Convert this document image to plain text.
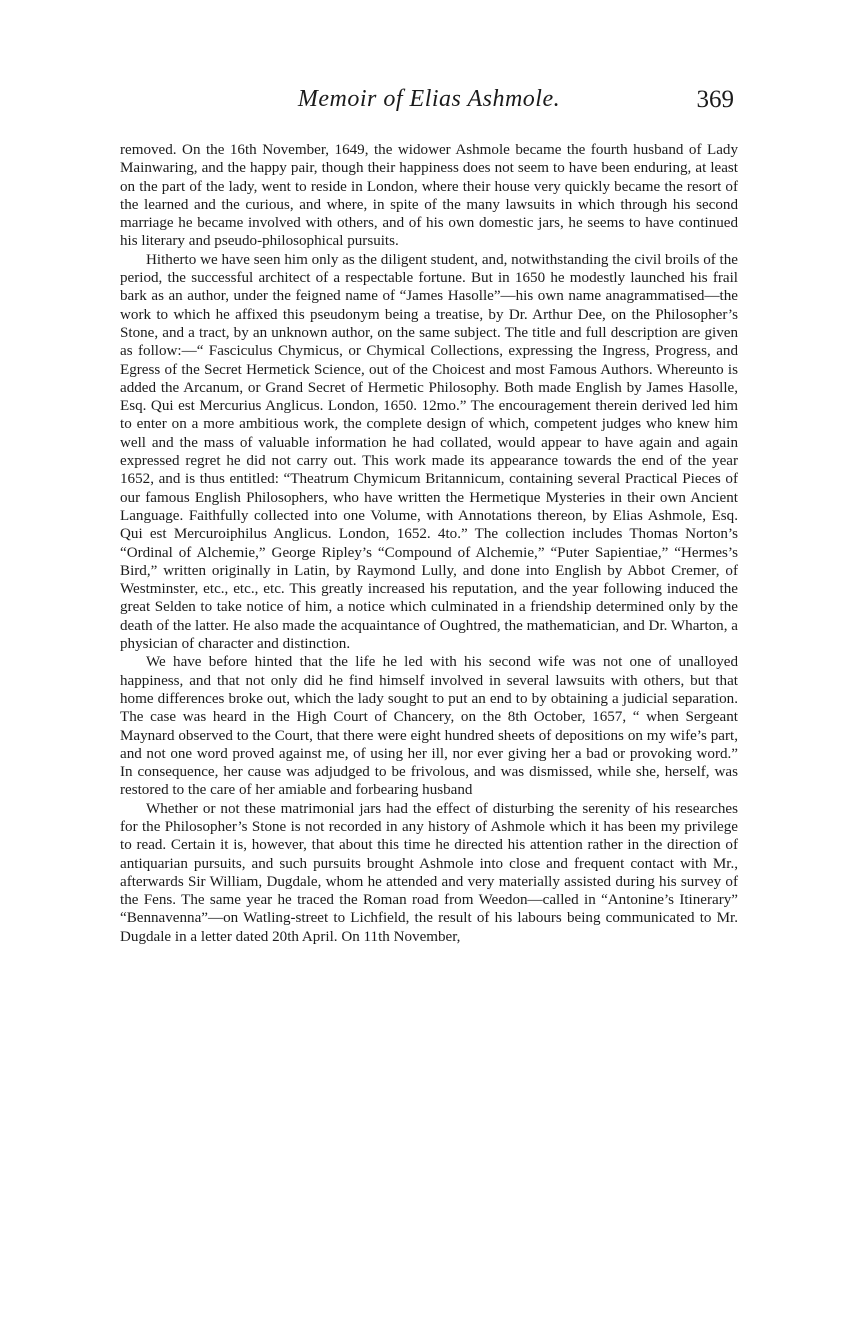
Memoir of Elias Ashmole.	369

removed. On the 16th November, 1649, the widower Ashmole became the fourth husband of Lady Mainwaring, and the happy pair, though their happiness does not seem to have been enduring, at least on the part of the lady, went to reside in London, where their house very quickly became the resort of the learned and the curious, and where, in spite of the many lawsuits in which through his second marriage he became involved with others, and of his own domestic jars, he seems to have continued his literary and pseudo-philosophical pursuits.

Hitherto we have seen him only as the diligent student, and, notwithstanding the civil broils of the period, the successful architect of a respectable fortune. But in 1650 he modestly launched his frail bark as an author, under the feigned name of “James Hasolle”—his own name anagrammatised—the work to which he affixed this pseudonym being a treatise, by Dr. Arthur Dee, on the Philosopher’s Stone, and a tract, by an unknown author, on the same subject. The title and full description are given as follow:—“ Fasciculus Chymicus, or Chymical Collections, expressing the Ingress, Progress, and Egress of the Secret Hermetick Science, out of the Choicest and most Famous Authors. Whereunto is added the Arcanum, or Grand Secret of Hermetic Philosophy. Both made English by James Hasolle, Esq. Qui est Mercurius Anglicus. London, 1650. 12mo.” The encouragement therein derived led him to enter on a more ambitious work, the complete design of which, competent judges who knew him well and the mass of valuable information he had collated, would appear to have again and again expressed regret he did not carry out. This work made its appearance towards the end of the year 1652, and is thus entitled: “Theatrum Chymicum Britannicum, containing several Practical Pieces of our famous English Philosophers, who have written the Hermetique Mysteries in their own Ancient Language. Faithfully collected into one Volume, with Annotations thereon, by Elias Ashmole, Esq. Qui est Mercuroiphilus Anglicus. London, 1652. 4to.” The collection includes Thomas Norton’s “Ordinal of Alchemie,” George Ripley’s “Compound of Alchemie,” “Puter Sapientiae,” “Hermes’s Bird,” written originally in Latin, by Raymond Lully, and done into English by Abbot Cremer, of Westminster, etc., etc., etc. This greatly increased his reputation, and the year following induced the great Selden to take notice of him, a notice which culminated in a friendship determined only by the death of the latter. He also made the acquaintance of Oughtred, the mathematician, and Dr. Wharton, a physician of character and distinction.

We have before hinted that the life he led with his second wife was not one of unalloyed happiness, and that not only did he find himself involved in several lawsuits with others, but that home differences broke out, which the lady sought to put an end to by obtaining a judicial separation. The case was heard in the High Court of Chancery, on the 8th October, 1657, “ when Sergeant Maynard observed to the Court, that there were eight hundred sheets of depositions on my wife’s part, and not one word proved against me, of using her ill, nor ever giving her a bad or provoking word.” In consequence, her cause was adjudged to be frivolous, and was dismissed, while she, herself, was restored to the care of her amiable and forbearing husband

Whether or not these matrimonial jars had the effect of disturbing the serenity of his researches for the Philosopher’s Stone is not recorded in any history of Ashmole which it has been my privilege to read. Certain it is, however, that about this time he directed his attention rather in the direction of antiquarian pursuits, and such pursuits brought Ashmole into close and frequent contact with Mr., afterwards Sir William, Dugdale, whom he attended and very materially assisted during his survey of the Fens. The same year he traced the Roman road from Weedon—called in “Antonine’s Itinerary” “Bennavenna”—on Watling-street to Lichfield, the result of his labours being communicated to Mr. Dugdale in a letter dated 20th April. On 11th November,
